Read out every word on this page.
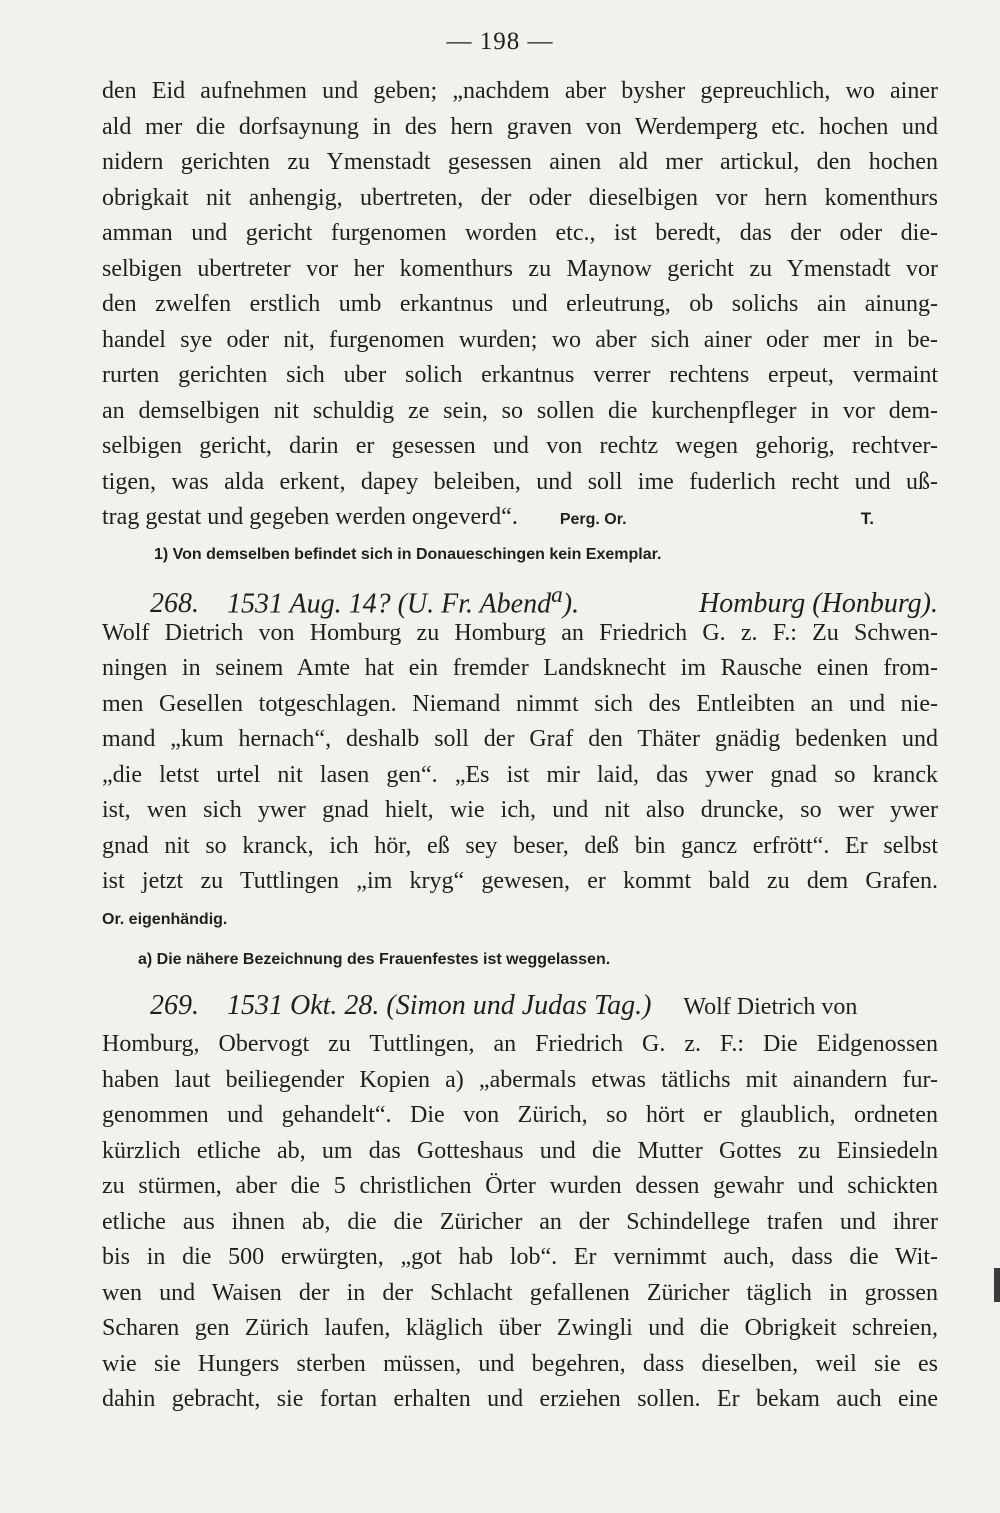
— 198 —
den Eid aufnehmen und geben; „nachdem aber bysher gepreuchlich, wo ainer
ald mer die dorfsaynung in des hern graven von Werdemperg etc. hochen und
nidern gerichten zu Ymenstadt gesessen ainen ald mer artickul, den hochen
obrigkait nit anhengig, ubertreten, der oder dieselbigen vor hern komenthurs
amman und gericht furgenomen worden etc., ist beredt, das der oder die-
selbigen ubertreter vor her komenthurs zu Maynow gericht zu Ymenstadt vor
den zwelfen erstlich umb erkantnus und erleutrung, ob solichs ain ainung-
handel sye oder nit, furgenomen wurden; wo aber sich ainer oder mer in be-
rurten gerichten sich uber solich erkantnus verrer rechtens erpeut, vermaint
an demselbigen nit schuldig ze sein, so sollen die kurchenpfleger in vor dem-
selbigen gericht, darin er gesessen und von rechtz wegen gehorig, rechtver-
tigen, was alda erkent, dapey beleiben, und soll ime fuderlich recht und uß-
trag gestat und gegeben werden ongeverd“.	Perg. Or.	T.
1) Von demselben befindet sich in Donaueschingen kein Exemplar.
268. 1531 Aug. 14? (U. Fr. Abend$^a$).	Homburg (Honburg).
Wolf Dietrich von Homburg zu Homburg an Friedrich G. z. F.: Zu Schwen-
ningen in seinem Amte hat ein fremder Landsknecht im Rausche einen from-
men Gesellen totgeschlagen. Niemand nimmt sich des Entleibten an und nie-
mand „kum hernach“, deshalb soll der Graf den Thäter gnädig bedenken und
„die letst urtel nit lasen gen“. „Es ist mir laid, das ywer gnad so kranck
ist, wen sich ywer gnad hielt, wie ich, und nit also druncke, so wer ywer
gnad nit so kranck, ich hör, eß sey beser, deß bin gancz erfrött“. Er selbst
ist jetzt zu Tuttlingen „im kryg“ gewesen, er kommt bald zu dem Grafen.
Or. eigenhändig.
a) Die nähere Bezeichnung des Frauenfestes ist weggelassen.
269. 1531 Okt. 28. (Simon und Judas Tag.) Wolf Dietrich von
Homburg, Obervogt zu Tuttlingen, an Friedrich G. z. F.: Die Eidgenossen
haben laut beiliegender Kopien a) „abermals etwas tätlichs mit ainandern fur-
genommen und gehandelt“. Die von Zürich, so hört er glaublich, ordneten
kürzlich etliche ab, um das Gotteshaus und die Mutter Gottes zu Einsiedeln
zu stürmen, aber die 5 christlichen Örter wurden dessen gewahr und schickten
etliche aus ihnen ab, die die Züricher an der Schindellege trafen und ihrer
bis in die 500 erwürgten, „got hab lob“. Er vernimmt auch, dass die Wit-
wen und Waisen der in der Schlacht gefallenen Züricher täglich in grossen
Scharen gen Zürich laufen, kläglich über Zwingli und die Obrigkeit schreien,
wie sie Hungers sterben müssen, und begehren, dass dieselben, weil sie es
dahin gebracht, sie fortan erhalten und erziehen sollen. Er bekam auch eine
